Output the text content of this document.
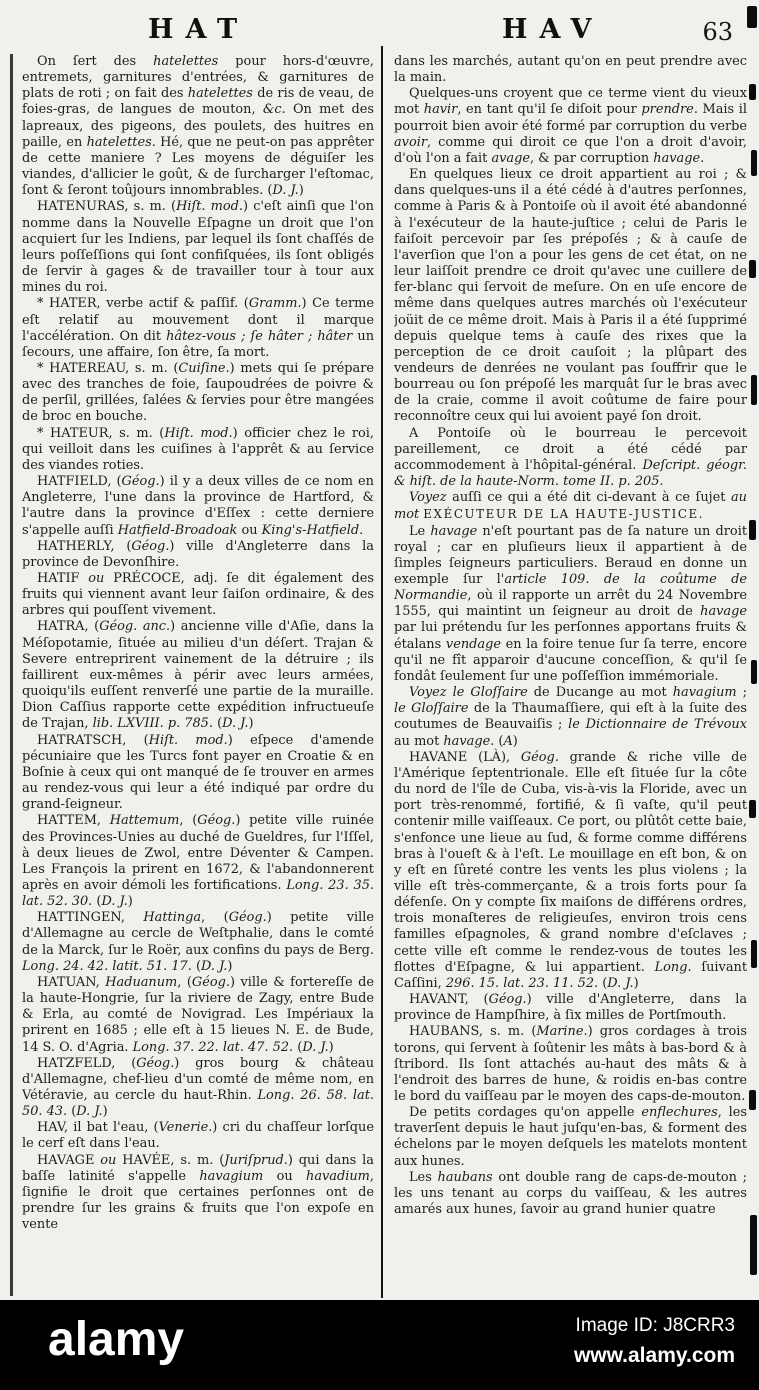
HAT	HAV	63

On ſert des hatelettes pour hors-d'œuvre, entremets, garnitures d'entrées, & garnitures de plats de roti ; on fait des hatelettes de ris de veau, de foies-gras, de langues de mouton, &c. On met des lapreaux, des pigeons, des poulets, des huitres en paille, en hatelettes. Hé, que ne peut-on pas apprêter de cette maniere ? Les moyens de déguiſer les viandes, d'allicier le goût, & de ſurcharger l'eſtomac, ſont & ſeront toûjours innombrables. (D. J.)

HATENURAS, s. m. (Hiſt. mod.) c'eſt ainſi que l'on nomme dans la Nouvelle Eſpagne un droit que l'on acquiert ſur les Indiens, par lequel ils ſont chaſſés de leurs poſſeſſions qui ſont confiſquées, ils ſont obligés de ſervir à gages & de travailler tour à tour aux mines du roi.

* HATER, verbe actif & paſſif. (Gramm.) Ce terme eſt relatif au mouvement dont il marque l'accélération. On dit hâtez-vous ; ſe hâter ; hâter un ſecours, une affaire, ſon être, ſa mort.

* HATEREAU, s. m. (Cuiſine.) mets qui ſe prépare avec des tranches de foie, ſaupoudrées de poivre & de perſil, grillées, ſalées & ſervies pour être mangées de broc en bouche.

* HATEUR, s. m. (Hiſt. mod.) officier chez le roi, qui veilloit dans les cuiſines à l'apprêt & au ſervice des viandes roties.

HATFIELD, (Géog.) il y a deux villes de ce nom en Angleterre, l'une dans la province de Hartford, & l'autre dans la province d'Eſſex : cette derniere s'appelle auſſi Hatfield-Broadoak ou King's-Hatfield.

HATHERLY, (Géog.) ville d'Angleterre dans la province de Devonſhire.

HATIF ou PRÉCOCE, adj. ſe dit également des fruits qui viennent avant leur ſaiſon ordinaire, & des arbres qui pouſſent vivement.

HATRA, (Géog. anc.) ancienne ville d'Aſie, dans la Méſopotamie, ſituée au milieu d'un déſert. Trajan & Severe entreprirent vainement de la détruire ; ils faillirent eux-mêmes à périr avec leurs armées, quoiqu'ils euſſent renverſé une partie de la muraille. Dion Caſſius rapporte cette expédition infructueuſe de Trajan, lib. LXVIII. p. 785. (D. J.)

HATRATSCH, (Hiſt. mod.) eſpece d'amende pécuniaire que les Turcs font payer en Croatie & en Boſnie à ceux qui ont manqué de ſe trouver en armes au rendez-vous qui leur a été indiqué par ordre du grand-ſeigneur.

HATTEM, Hattemum, (Géog.) petite ville ruinée des Provinces-Unies au duché de Gueldres, ſur l'Iſſel, à deux lieues de Zwol, entre Déventer & Campen. Les François la prirent en 1672, & l'abandonnerent après en avoir démoli les fortifications. Long. 23. 35. lat. 52. 30. (D. J.)

HATTINGEN, Hattinga, (Géog.) petite ville d'Allemagne au cercle de Weſtphalie, dans le comté de la Marck, ſur le Roër, aux confins du pays de Berg. Long. 24. 42. latit. 51. 17. (D. J.)

HATUAN, Haduanum, (Géog.) ville & fortereſſe de la haute-Hongrie, ſur la riviere de Zagy, entre Bude & Erla, au comté de Novigrad. Les Impériaux la prirent en 1685 ; elle eſt à 15 lieues N. E. de Bude, 14 S. O. d'Agria. Long. 37. 22. lat. 47. 52. (D. J.)

HATZFELD, (Géog.) gros bourg & château d'Allemagne, chef-lieu d'un comté de même nom, en Vétéravie, au cercle du haut-Rhin. Long. 26. 58. lat. 50. 43. (D. J.)

HAV, il bat l'eau, (Venerie.) cri du chaſſeur lorſque le cerf eſt dans l'eau.

HAVAGE ou HAVÉE, s. m. (Juriſprud.) qui dans la baſſe latinité s'appelle havagium ou havadium, ſignifie le droit que certaines perſonnes ont de prendre ſur les grains & fruits que l'on expoſe en vente

dans les marchés, autant qu'on en peut prendre avec la main.

Quelques-uns croyent que ce terme vient du vieux mot havir, en tant qu'il ſe diſoit pour prendre. Mais il pourroit bien avoir été formé par corruption du verbe avoir, comme qui diroit ce que l'on a droit d'avoir, d'où l'on a fait avage, & par corruption havage.

En quelques lieux ce droit appartient au roi ; & dans quelques-uns il a été cédé à d'autres perſonnes, comme à Paris & à Pontoiſe où il avoit été abandonné à l'exécuteur de la haute-juſtice ; celui de Paris le faiſoit percevoir par ſes prépoſés ; & à cauſe de l'averſion que l'on a pour les gens de cet état, on ne leur laiſſoit prendre ce droit qu'avec une cuillere de fer-blanc qui ſervoit de meſure. On en uſe encore de même dans quelques autres marchés où l'exécuteur joüit de ce même droit. Mais à Paris il a été ſupprimé depuis quelque tems à cauſe des rixes que la perception de ce droit cauſoit ; la plûpart des vendeurs de denrées ne voulant pas ſouffrir que le bourreau ou ſon prépoſé les marquât ſur le bras avec de la craie, comme il avoit coûtume de faire pour reconnoître ceux qui lui avoient payé ſon droit.

A Pontoiſe où le bourreau le percevoit pareillement, ce droit a été cédé par accommodement à l'hôpital-général. Deſcript. géogr. & hiſt. de la haute-Norm. tome II. p. 205.

Voyez auſſi ce qui a été dit ci-devant à ce ſujet au mot EXÉCUTEUR DE LA HAUTE-JUSTICE.

Le havage n'eſt pourtant pas de ſa nature un droit royal ; car en pluſieurs lieux il appartient à de ſimples ſeigneurs particuliers. Beraud en donne un exemple ſur l'article 109. de la coûtume de Normandie, où il rapporte un arrêt du 24 Novembre 1555, qui maintint un ſeigneur au droit de havage par lui prétendu ſur les perſonnes apportans fruits & étalans vendage en la foire tenue ſur ſa terre, encore qu'il ne fît apparoir d'aucune conceſſion, & qu'il ſe fondât ſeulement ſur une poſſeſſion immémoriale.

Voyez le Gloſſaire de Ducange au mot havagium ; le Gloſſaire de la Thaumaſſiere, qui eſt à la ſuite des coutumes de Beauvaiſis ; le Dictionnaire de Trévoux au mot havage. (A)

HAVANE (LÀ), Géog. grande & riche ville de l'Amérique ſeptentrionale. Elle eſt ſituée ſur la côte du nord de l'île de Cuba, vis-à-vis la Floride, avec un port très-renommé, fortifié, & ſi vaſte, qu'il peut contenir mille vaiſſeaux. Ce port, ou plûtôt cette baie, s'enfonce une lieue au ſud, & forme comme différens bras à l'oueſt & à l'eſt. Le mouillage en eſt bon, & on y eſt en ſûreté contre les vents les plus violens ; la ville eſt très-commerçante, & a trois forts pour ſa défenſe. On y compte ſix maiſons de différens ordres, trois monaſteres de religieuſes, environ trois cens familles eſpagnoles, & grand nombre d'eſclaves ; cette ville eſt comme le rendez-vous de toutes les flottes d'Eſpagne, & lui appartient. Long. ſuivant Caſſini, 296. 15. lat. 23. 11. 52. (D. J.)

HAVANT, (Géog.) ville d'Angleterre, dans la province de Hampſhire, à ſix milles de Portſmouth.

HAUBANS, s. m. (Marine.) gros cordages à trois torons, qui ſervent à ſoûtenir les mâts à bas-bord & à ſtribord. Ils ſont attachés au-haut des mâts & à l'endroit des barres de hune, & roidis en-bas contre le bord du vaiſſeau par le moyen des caps-de-mouton.

De petits cordages qu'on appelle enflechures, les traverſent depuis le haut juſqu'en-bas, & forment des échelons par le moyen deſquels les matelots montent aux hunes.

Les haubans ont double rang de caps-de-mouton ; les uns tenant au corps du vaiſſeau, & les autres amarés aux hunes, ſavoir au grand hunier quatre

alamy	Image ID: J8CRR3
www.alamy.com
